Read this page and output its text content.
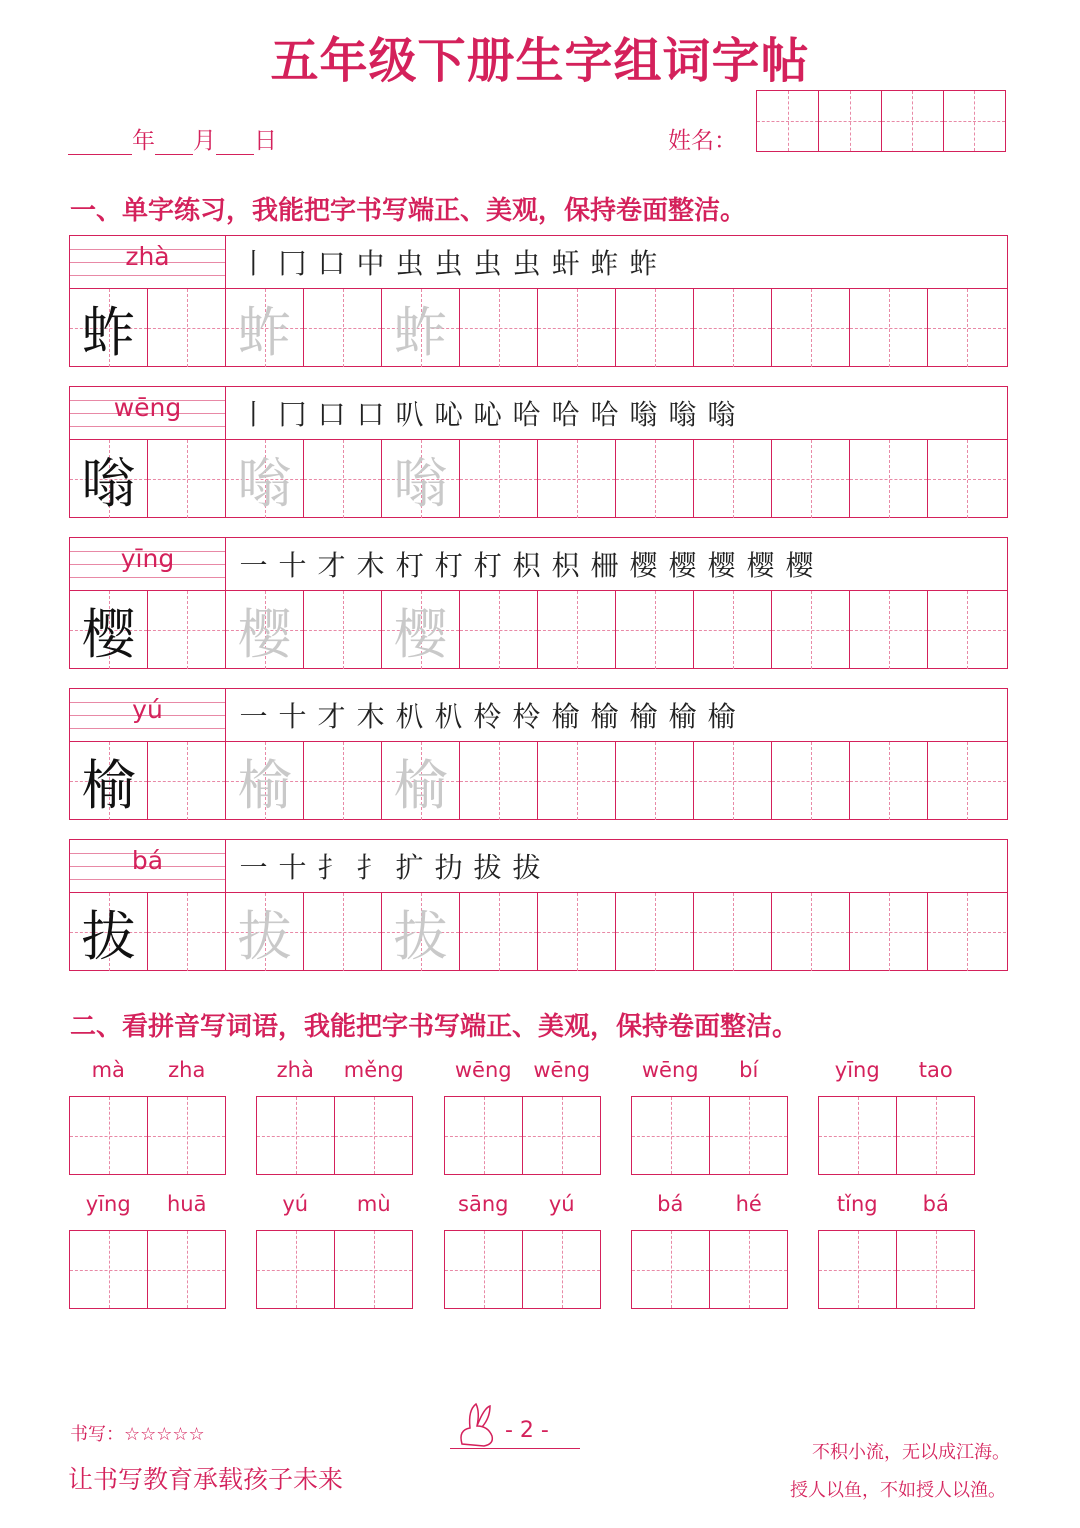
五年级下册生字组词字帖
年 月 日	姓名：
一、单字练习，我能把字书写端正、美观，保持卷面整洁。
zhà	丨 冂 口 中 虫 虫 虫 虫 虷 蚱 蚱
蚱 蚱 蚱
wēng	丨 冂 口 口 叭 吣 吣 哈 哈 哈 嗡 嗡 嗡
嗡 嗡 嗡
yīng	一 十 才 木 朾 朾 朾 枳 枳 柵 樱 樱 樱 樱 樱
樱 樱 樱
yú	一 十 才 木 朳 朳 柃 柃 榆 榆 榆 榆 榆
榆 榆 榆
bá	一 十 扌 扌 扩 扐 拔 拔
拔 拔 拔
二、看拼音写词语，我能把字书写端正、美观，保持卷面整洁。
mà	zha	zhà	měng	wēng	wēng	wēng	bí	yīng	tao
yīng	huā	yú	mù	sāng	yú	bá	hé	tǐng	bá
书写：☆☆☆☆☆	- 2 -
让书写教育承载孩子未来
不积小流，无以成江海。
授人以鱼，不如授人以渔。
